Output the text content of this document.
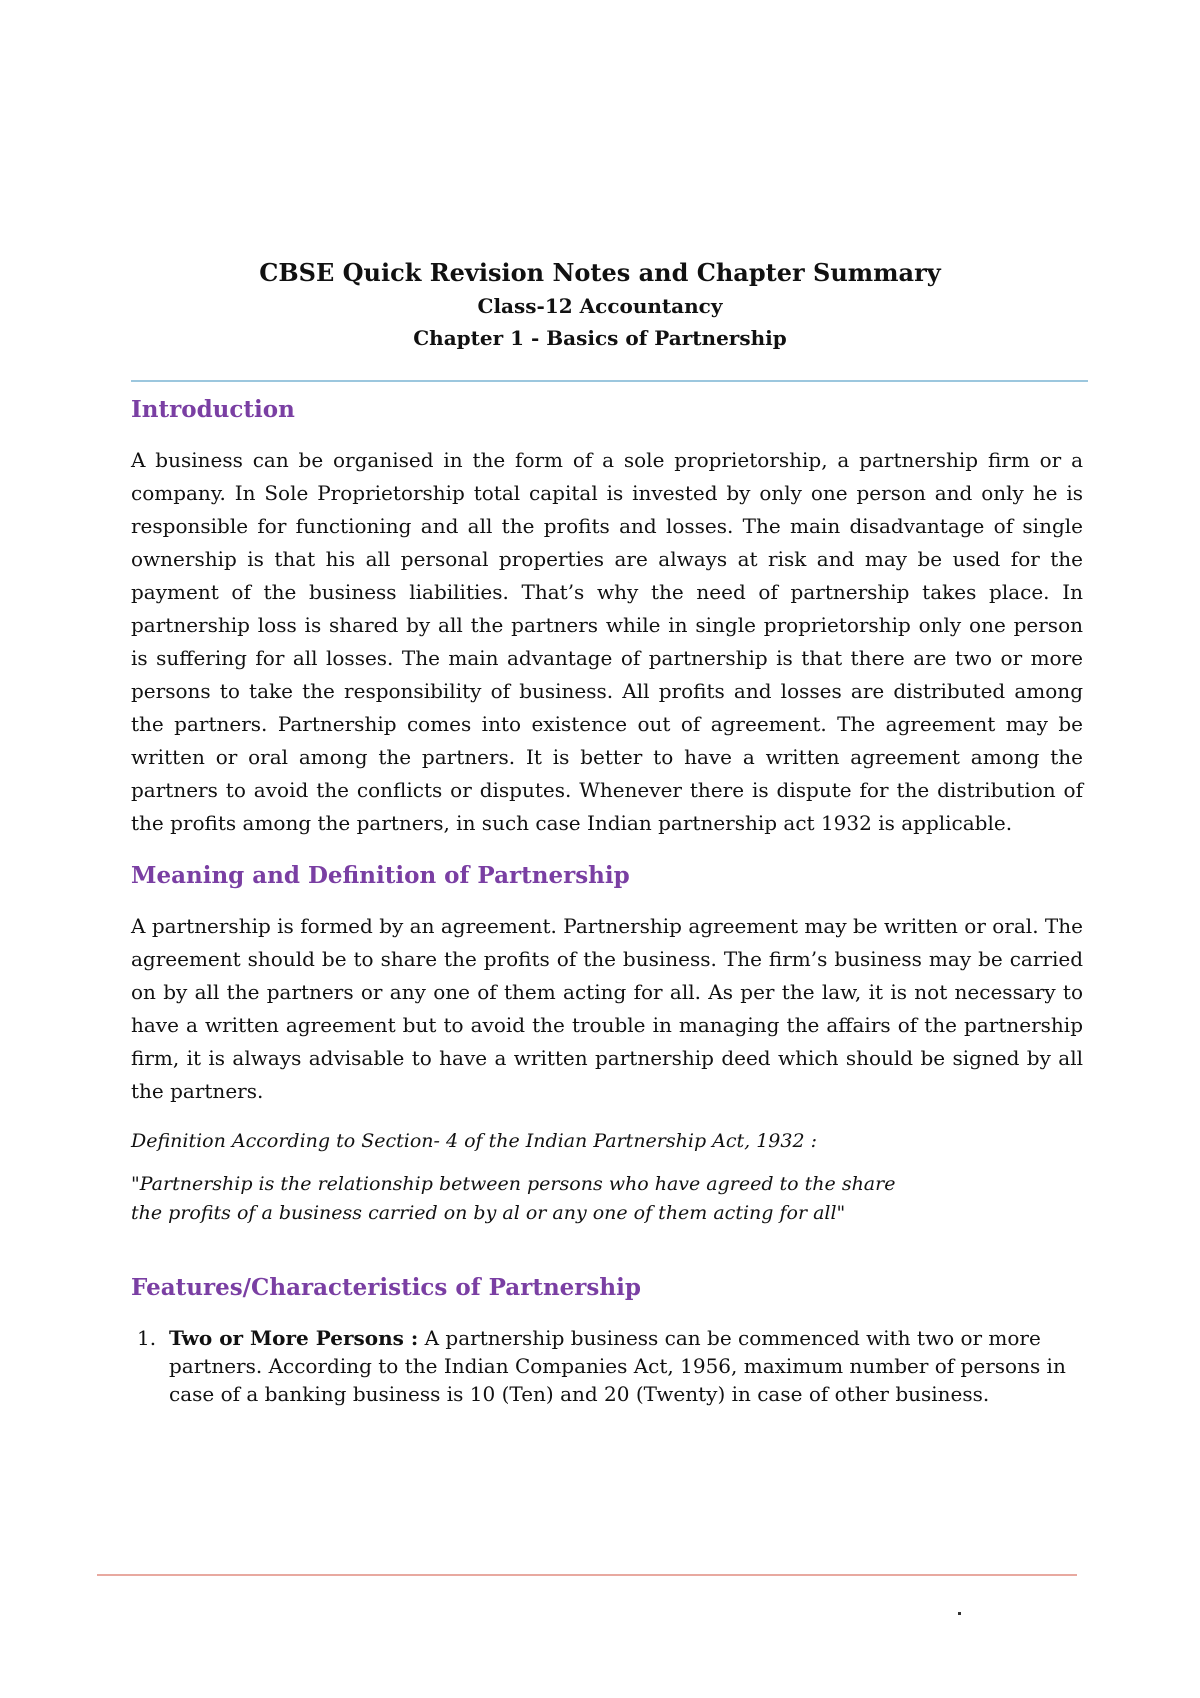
CBSE Quick Revision Notes and Chapter Summary
Class-12 Accountancy
Chapter 1 - Basics of Partnership
Introduction

A business can be organised in the form of a sole proprietorship, a partnership firm or a company. In Sole Proprietorship total capital is invested by only one person and only he is responsible for functioning and all the profits and losses. The main disadvantage of single ownership is that his all personal properties are always at risk and may be used for the payment of the business liabilities. That’s why the need of partnership takes place. In partnership loss is shared by all the partners while in single proprietorship only one person is suffering for all losses. The main advantage of partnership is that there are two or more persons to take the responsibility of business. All profits and losses are distributed among the partners. Partnership comes into existence out of agreement. The agreement may be written or oral among the partners. It is better to have a written agreement among the partners to avoid the conflicts or disputes. Whenever there is dispute for the distribution of the profits among the partners, in such case Indian partnership act 1932 is applicable.

Meaning and Definition of Partnership

A partnership is formed by an agreement. Partnership agreement may be written or oral. The agreement should be to share the profits of the business. The firm’s business may be carried on by all the partners or any one of them acting for all. As per the law, it is not necessary to have a written agreement but to avoid the trouble in managing the affairs of the partnership firm, it is always advisable to have a written partnership deed which should be signed by all the partners.

Definition According to Section- 4 of the Indian Partnership Act, 1932 :
"Partnership is the relationship between persons who have agreed to the share
the profits of a business carried on by al or any one of them acting for all"
Features/Characteristics of Partnership
1. Two or More Persons : A partnership business can be commenced with two or more partners. According to the Indian Companies Act, 1956, maximum number of persons in case of a banking business is 10 (Ten) and 20 (Twenty) in case of other business.
